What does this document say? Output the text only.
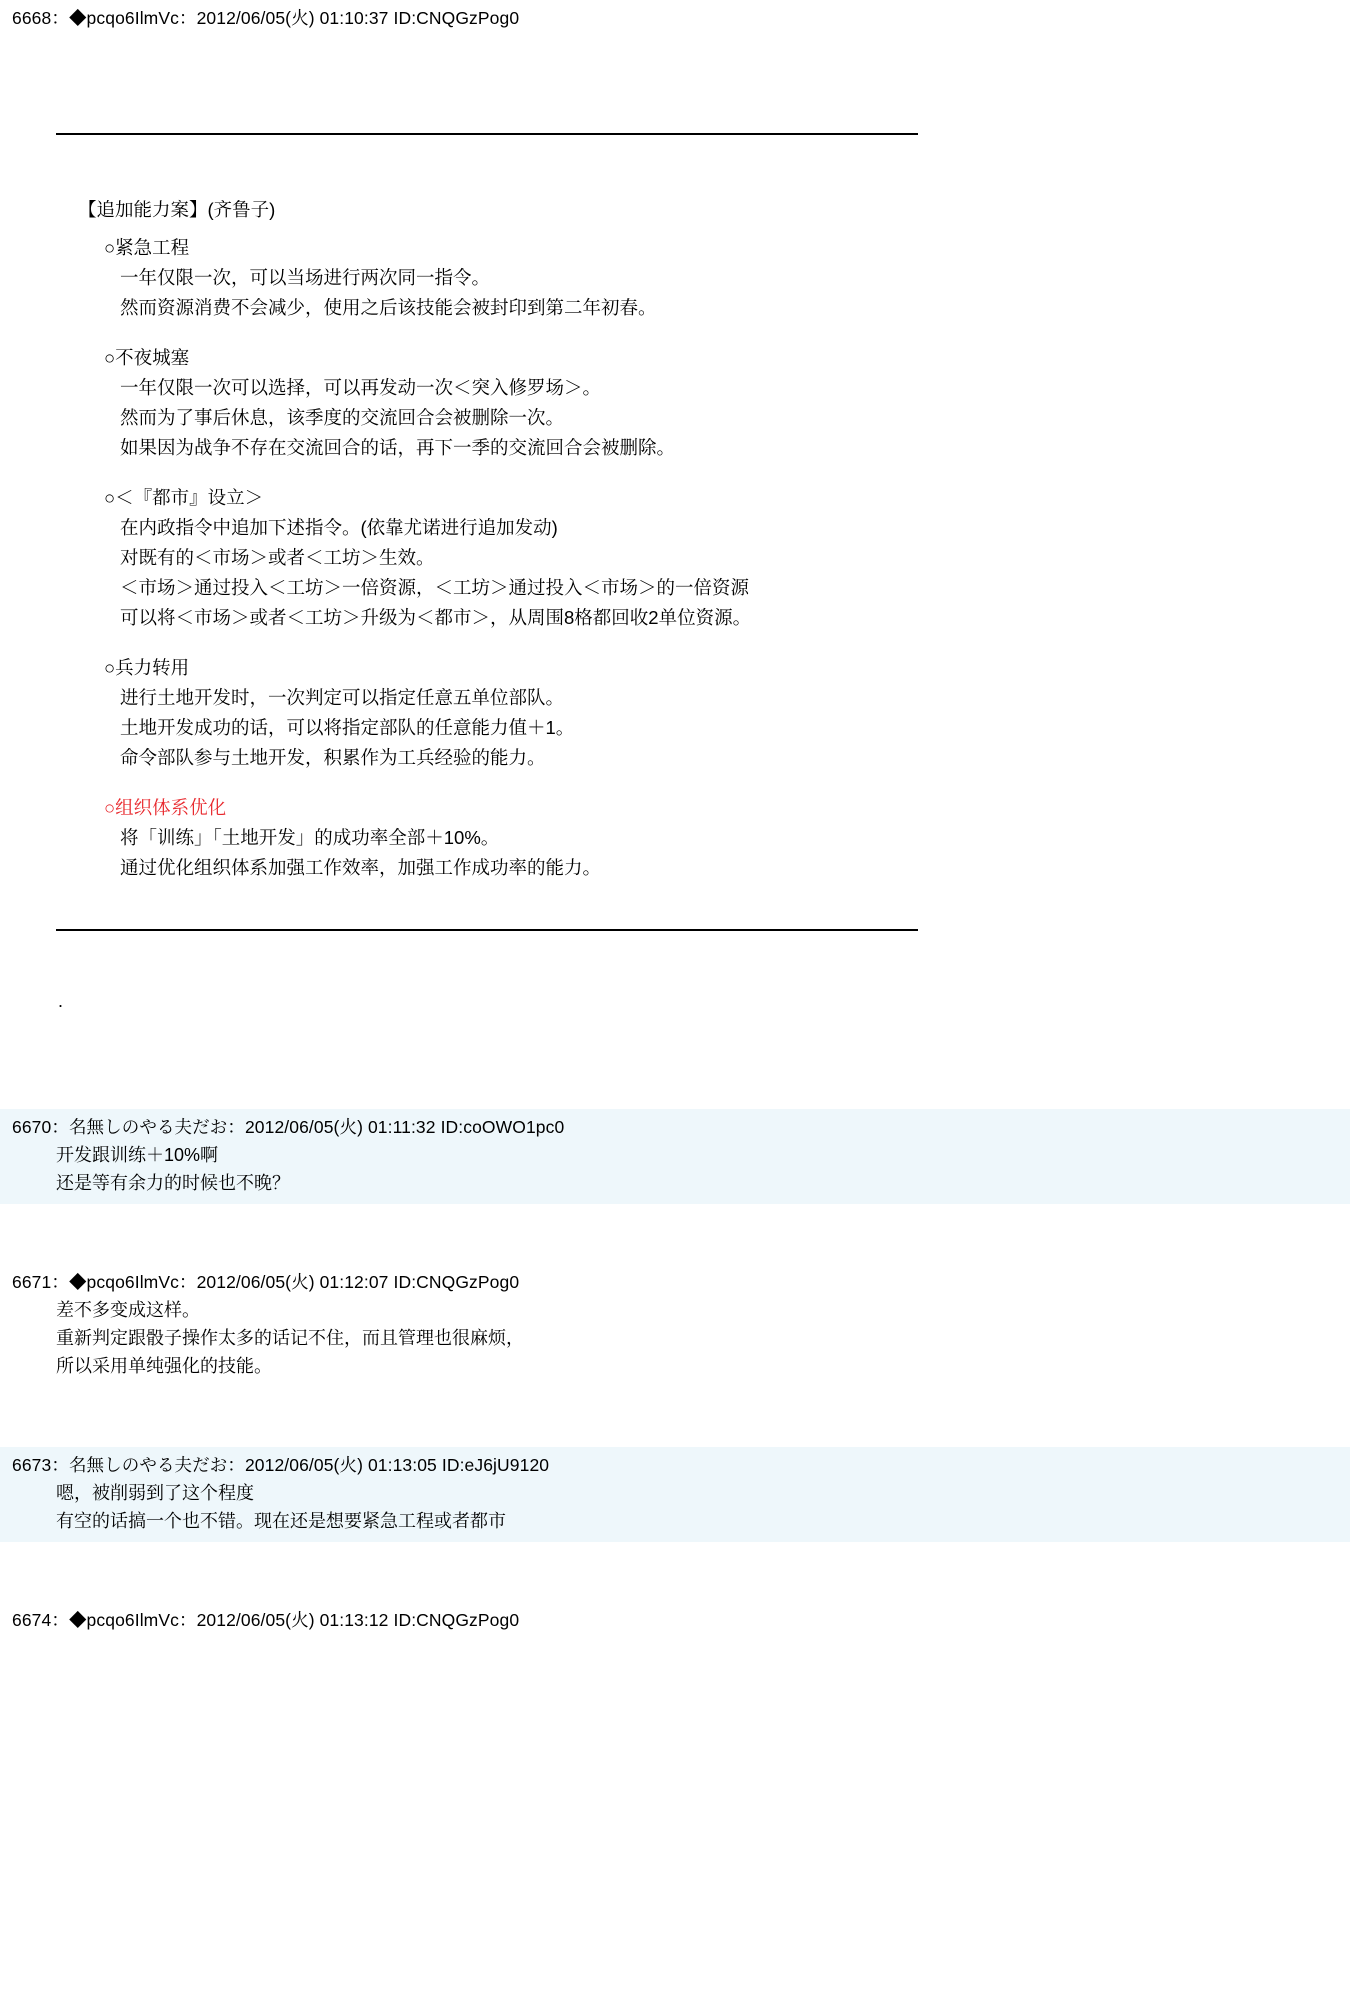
6668：◆pcqo6IlmVc：2012/06/05(火) 01:10:37 ID:CNQGzPog0
【追加能力案】(齐鲁子)
○紧急工程
一年仅限一次，可以当场进行两次同一指令。
然而资源消费不会减少，使用之后该技能会被封印到第二年初春。
○不夜城塞
一年仅限一次可以选择，可以再发动一次＜突入修罗场＞。
然而为了事后休息，该季度的交流回合会被删除一次。
如果因为战争不存在交流回合的话，再下一季的交流回合会被删除。
○＜『都市』设立＞
在内政指令中追加下述指令。(依靠尤诺进行追加发动)
对既有的＜市场＞或者＜工坊＞生效。
＜市场＞通过投入＜工坊＞一倍资源，＜工坊＞通过投入＜市场＞的一倍资源
可以将＜市场＞或者＜工坊＞升级为＜都市＞，从周围8格都回收2单位资源。
○兵力转用
进行土地开发时，一次判定可以指定任意五单位部队。
土地开发成功的话，可以将指定部队的任意能力值＋1。
命令部队参与土地开发，积累作为工兵经验的能力。
○组织体系优化
将「训练」「土地开发」的成功率全部＋10%。
通过优化组织体系加强工作效率，加强工作成功率的能力。
.
6670：名無しのやる夫だお：2012/06/05(火) 01:11:32 ID:coOWO1pc0
开发跟训练＋10%啊
还是等有余力的时候也不晚？
6671：◆pcqo6IlmVc：2012/06/05(火) 01:12:07 ID:CNQGzPog0
差不多变成这样。
重新判定跟骰子操作太多的话记不住，而且管理也很麻烦，
所以采用单纯强化的技能。
6673：名無しのやる夫だお：2012/06/05(火) 01:13:05 ID:eJ6jU9120
嗯，被削弱到了这个程度
有空的话搞一个也不错。现在还是想要紧急工程或者都市
6674：◆pcqo6IlmVc：2012/06/05(火) 01:13:12 ID:CNQGzPog0
